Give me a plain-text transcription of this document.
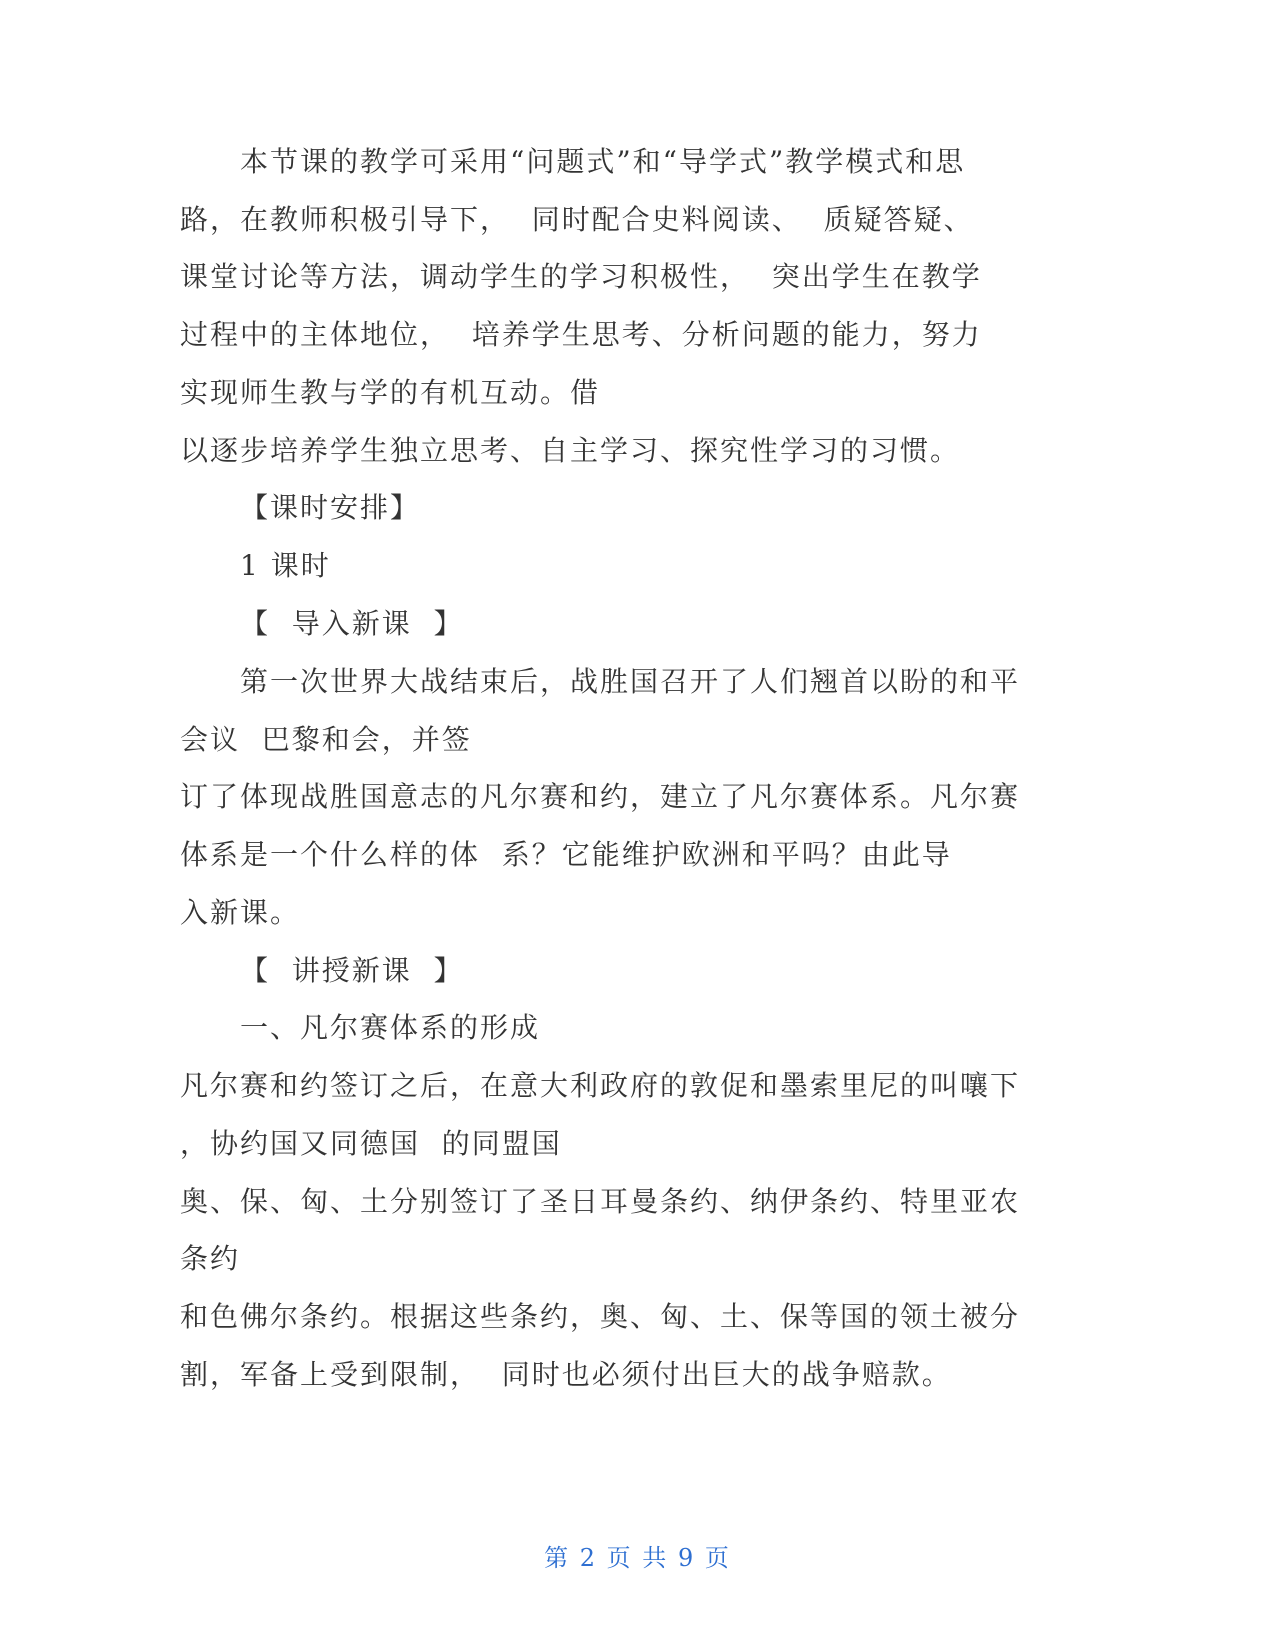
本节课的教学可采用“问题式”和“导学式”教学模式和思
路，在教师积极引导下，  同时配合史料阅读、  质疑答疑、
课堂讨论等方法，调动学生的学习积极性，  突出学生在教学
过程中的主体地位，  培养学生思考、分析问题的能力，努力
实现师生教与学的有机互动。借
以逐步培养学生独立思考、自主学习、探究性学习的习惯。
【课时安排】
1 课时
【  导入新课  】
第一次世界大战结束后，战胜国召开了人们翘首以盼的和平
会议  巴黎和会，并签
订了体现战胜国意志的凡尔赛和约，建立了凡尔赛体系。凡尔赛
体系是一个什么样的体  系？它能维护欧洲和平吗？由此导
入新课。
【  讲授新课  】
一、凡尔赛体系的形成
凡尔赛和约签订之后，在意大利政府的敦促和墨索里尼的叫嚷下
，协约国又同德国  的同盟国
奥、保、匈、土分别签订了圣日耳曼条约、纳伊条约、特里亚农
条约
和色佛尔条约。根据这些条约，奥、匈、土、保等国的领土被分
割，军备上受到限制，  同时也必须付出巨大的战争赔款。
第 2 页 共 9 页
